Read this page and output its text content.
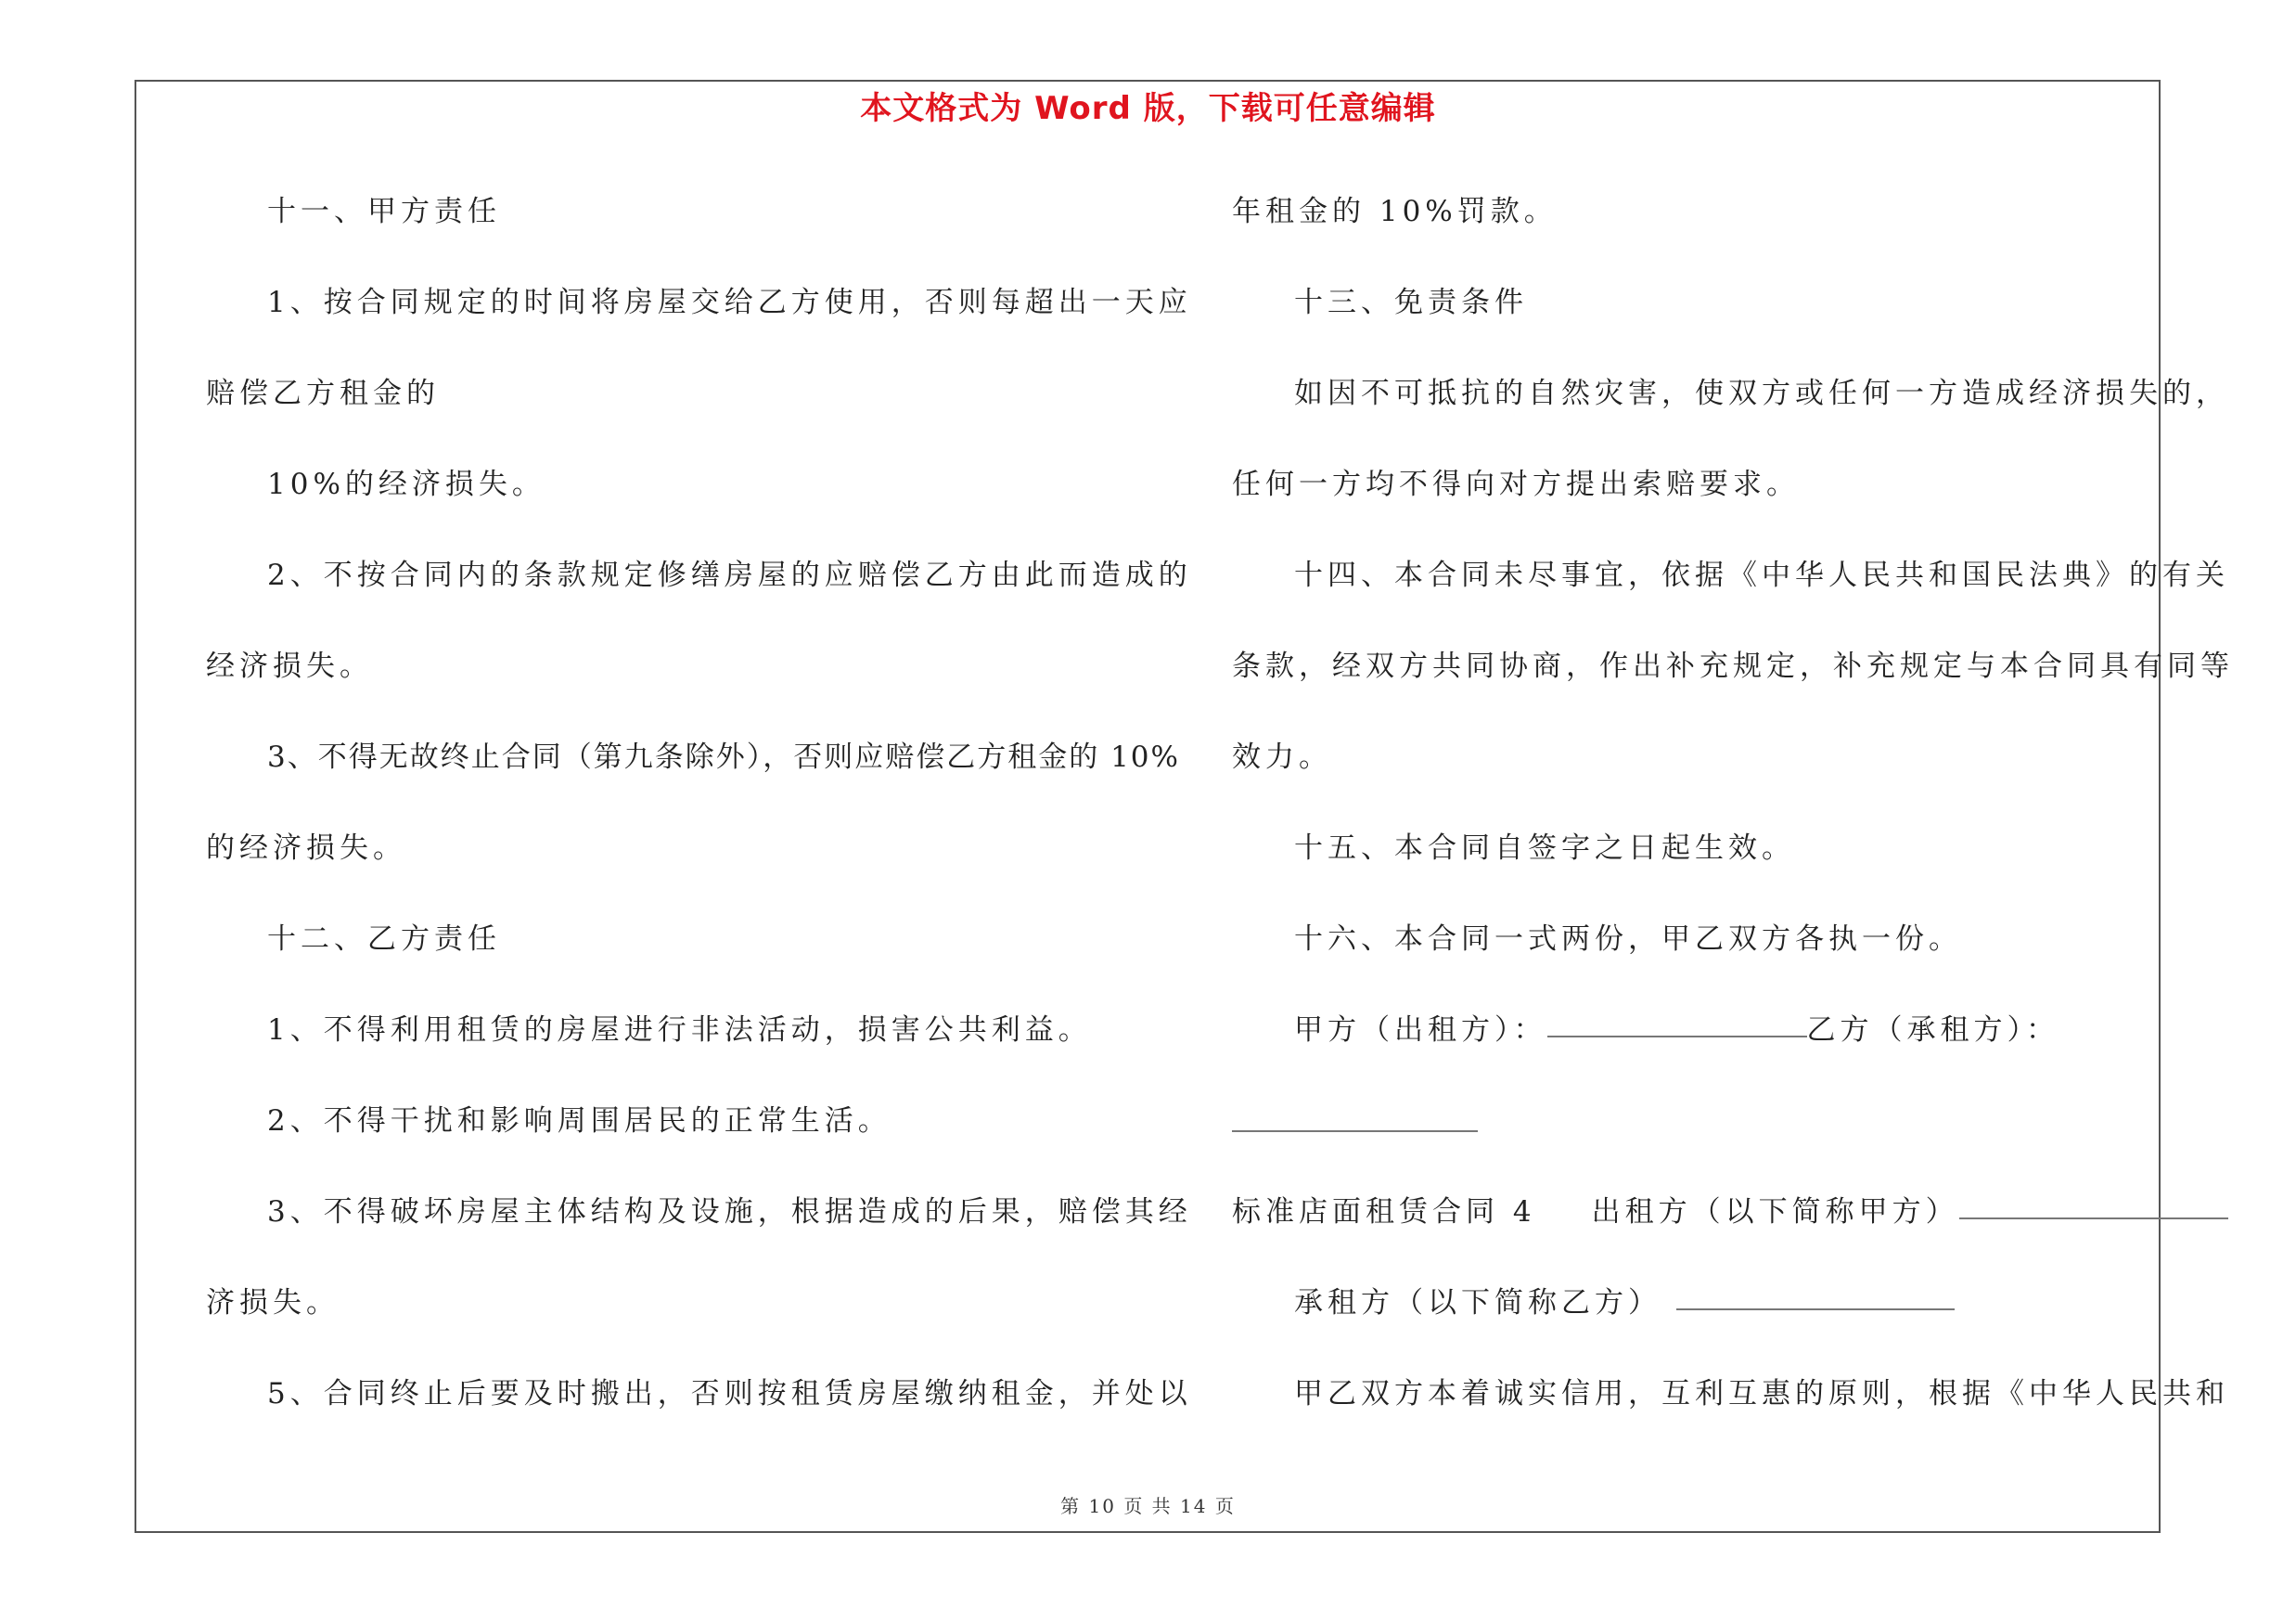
本文格式为 Word 版，下载可任意编辑
十一、甲方责任
1、按合同规定的时间将房屋交给乙方使用，否则每超出一天应
赔偿乙方租金的
10%的经济损失。
2、不按合同内的条款规定修缮房屋的应赔偿乙方由此而造成的
经济损失。
3、不得无故终止合同（第九条除外），否则应赔偿乙方租金的 10%
的经济损失。
十二、乙方责任
1、不得利用租赁的房屋进行非法活动，损害公共利益。
2、不得干扰和影响周围居民的正常生活。
3、不得破坏房屋主体结构及设施，根据造成的后果，赔偿其经
济损失。
5、合同终止后要及时搬出，否则按租赁房屋缴纳租金，并处以
年租金的 10%罚款。
十三、免责条件
如因不可抵抗的自然灾害，使双方或任何一方造成经济损失的，
任何一方均不得向对方提出索赔要求。
十四、本合同未尽事宜，依据《中华人民共和国民法典》的有关
条款，经双方共同协商，作出补充规定，补充规定与本合同具有同等
效力。
十五、本合同自签字之日起生效。
十六、本合同一式两份，甲乙双方各执一份。
甲方（出租方）：	乙方（承租方）：
标准店面租赁合同 4 出租方（以下简称甲方）
承租方（以下简称乙方）
甲乙双方本着诚实信用，互利互惠的原则，根据《中华人民共和
第 10 页 共 14 页
